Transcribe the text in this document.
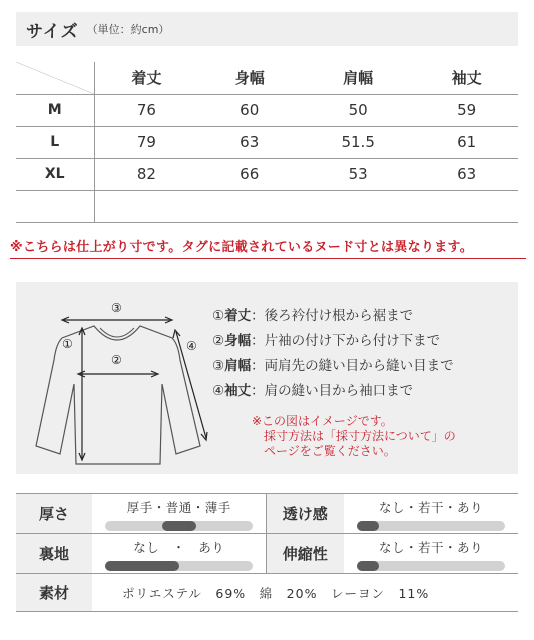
サイズ （単位：約cm）
	着丈	身幅	肩幅	袖丈
M	76	60	50	59
L	79	63	51.5	61
XL	82	66	53	63

※こちらは仕上がり寸です。タグに記載されているヌード寸とは異なります。
①
②
③
④
①着丈：後ろ衿付け根から裾まで
②身幅：片袖の付け下から付け下まで
③肩幅：両肩先の縫い目から縫い目まで
④袖丈：肩の縫い目から袖口まで
※この図はイメージです。
採寸方法は「採寸方法について」の
ページをご覧ください。
厚さ	厚手・普通・薄手	透け感	なし・若干・あり

裏地	なし　・　あり	伸縮性	なし・若干・あり

素材	ポリエステル　69%　綿　20%　レーヨン　11%		
